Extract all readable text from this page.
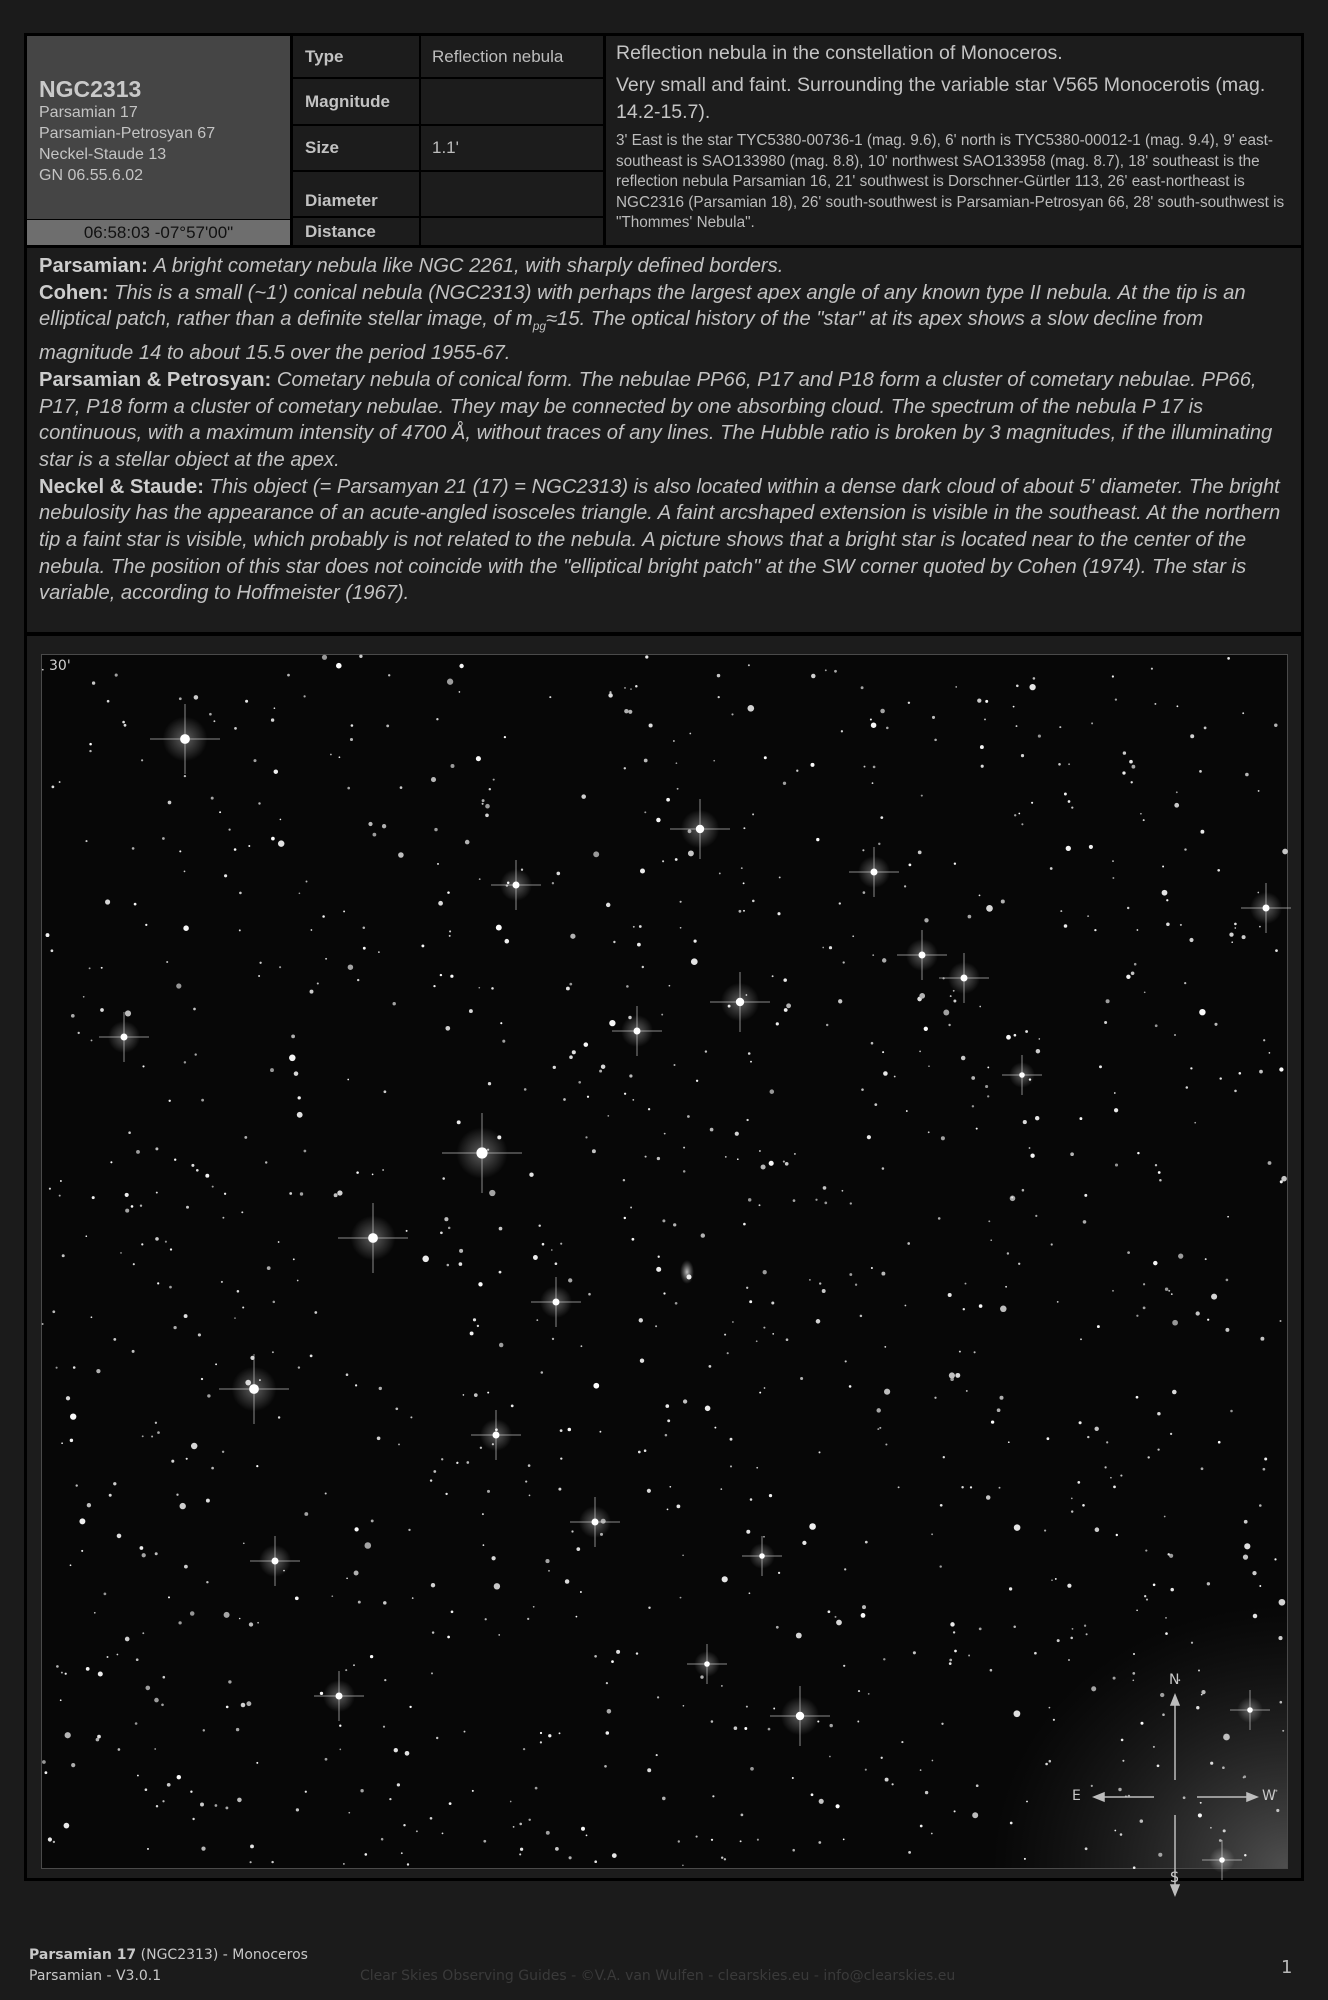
NGC2313
Parsamian 17
Parsamian-Petrosyan 67
Neckel-Staude 13
GN 06.55.6.02
06:58:03 -07°57'00"
Type	Reflection nebula
Magnitude
Size	1.1'
Diameter
Distance

Reflection nebula in the constellation of Monoceros.

Very small and faint. Surrounding the variable star V565 Monocerotis (mag. 14.2-15.7).

3' East is the star TYC5380-00736-1 (mag. 9.6), 6' north is TYC5380-00012-1 (mag. 9.4), 9' east-southeast is SAO133980 (mag. 8.8), 10' northwest SAO133958 (mag. 8.7), 18' southeast is the reflection nebula Parsamian 16, 21' southwest is Dorschner-Gürtler 113, 26' east-northeast is NGC2316 (Parsamian 18), 26' south-southwest is Parsamian-Petrosyan 66, 28' south-southwest is "Thommes' Nebula".

Parsamian: A bright cometary nebula like NGC 2261, with sharply defined borders.

Cohen: This is a small (~1') conical nebula (NGC2313) with perhaps the largest apex angle of any known type II nebula. At the tip is an elliptical patch, rather than a definite stellar image, of $m_{pg}\approx 15$. The optical history of the "star" at its apex shows a slow decline from magnitude 14 to about 15.5 over the period 1955-67.

Parsamian & Petrosyan: Cometary nebula of conical form. The nebulae PP66, P17 and P18 form a cluster of cometary nebulae. PP66, P17, P18 form a cluster of cometary nebulae. They may be connected by one absorbing cloud. The spectrum of the nebula P 17 is continuous, with a maximum intensity of 4700 Å, without traces of any lines. The Hubble ratio is broken by 3 magnitudes, if the illuminating star is a stellar object at the apex.

Neckel & Staude: This object (= Parsamyan 21 (17) = NGC2313) is also located within a dense dark cloud of about 5' diameter. The bright nebulosity has the appearance of an acute-angled isosceles triangle. A faint arcshaped extension is visible in the southeast. At the northern tip a faint star is visible, which probably is not related to the nebula. A picture shows that a bright star is located near to the center of the nebula. The position of this star does not coincide with the "elliptical bright patch" at the SW corner quoted by Cohen (1974). The star is variable, according to Hoffmeister (1967).

30'
N
S
E	W
Parsamian 17 (NGC2313) - Monoceros
Parsamian - V3.0.1	Clear Skies Observing Guides - ©V.A. van Wulfen - clearskies.eu - info@clearskies.eu	1
